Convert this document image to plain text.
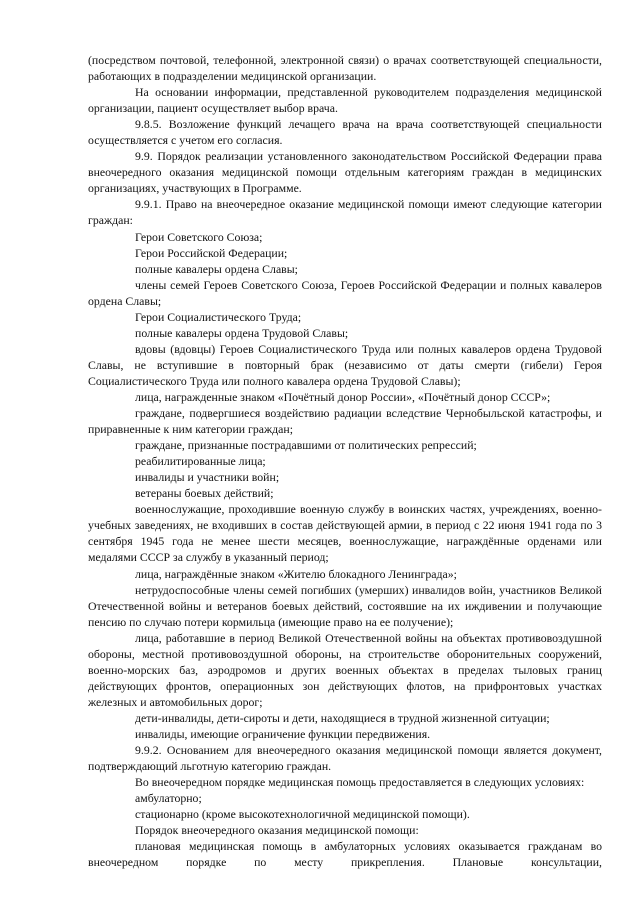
(посредством почтовой, телефонной, электронной связи) о врачах соответствующей специальности, работающих в подразделении медицинской организации.

На основании информации, представленной руководителем подразделения медицинской организации, пациент осуществляет выбор врача.

9.8.5. Возложение функций лечащего врача на врача соответствующей специальности осуществляется с учетом его согласия.

9.9. Порядок реализации установленного законодательством Российской Федерации права внеочередного оказания медицинской помощи отдельным категориям граждан в медицинских организациях, участвующих в Программе.

9.9.1. Право на внеочередное оказание медицинской помощи имеют следующие категории граждан:

Герои Советского Союза;

Герои Российской Федерации;

полные кавалеры ордена Славы;

члены семей Героев Советского Союза, Героев Российской Федерации и полных кавалеров ордена Славы;

Герои Социалистического Труда;

полные кавалеры ордена Трудовой Славы;

вдовы (вдовцы) Героев Социалистического Труда или полных кавалеров ордена Трудовой Славы, не вступившие в повторный брак (независимо от даты смерти (гибели) Героя Социалистического Труда или полного кавалера ордена Трудовой Славы);

лица, награжденные знаком «Почётный донор России», «Почётный донор СССР»;

граждане, подвергшиеся воздействию радиации вследствие Чернобыльской катастрофы, и приравненные к ним категории граждан;

граждане, признанные пострадавшими от политических репрессий;

реабилитированные лица;

инвалиды и участники войн;

ветераны боевых действий;

военнослужащие, проходившие военную службу в воинских частях, учреждениях, военно-учебных заведениях, не входивших в состав действующей армии, в период с 22 июня 1941 года по 3 сентября 1945 года не менее шести месяцев, военнослужащие, награждённые орденами или медалями СССР за службу в указанный период;

лица, награждённые знаком «Жителю блокадного Ленинграда»;

нетрудоспособные члены семей погибших (умерших) инвалидов войн, участников Великой Отечественной войны и ветеранов боевых действий, состоявшие на их иждивении и получающие пенсию по случаю потери кормильца (имеющие право на ее получение);

лица, работавшие в период Великой Отечественной войны на объектах противовоздушной обороны, местной противовоздушной обороны, на строительстве оборонительных сооружений, военно-морских баз, аэродромов и других военных объектах в пределах тыловых границ действующих фронтов, операционных зон действующих флотов, на прифронтовых участках железных и автомобильных дорог;

дети-инвалиды, дети-сироты и дети, находящиеся в трудной жизненной ситуации;

инвалиды, имеющие ограничение функции передвижения.

9.9.2. Основанием для внеочередного оказания медицинской помощи является документ, подтверждающий льготную категорию граждан.

Во внеочередном порядке медицинская помощь предоставляется в следующих условиях:

амбулаторно;

стационарно (кроме высокотехнологичной медицинской помощи).

Порядок внеочередного оказания медицинской помощи:

плановая медицинская помощь в амбулаторных условиях оказывается гражданам во внеочередном порядке по месту прикрепления. Плановые консультации,
